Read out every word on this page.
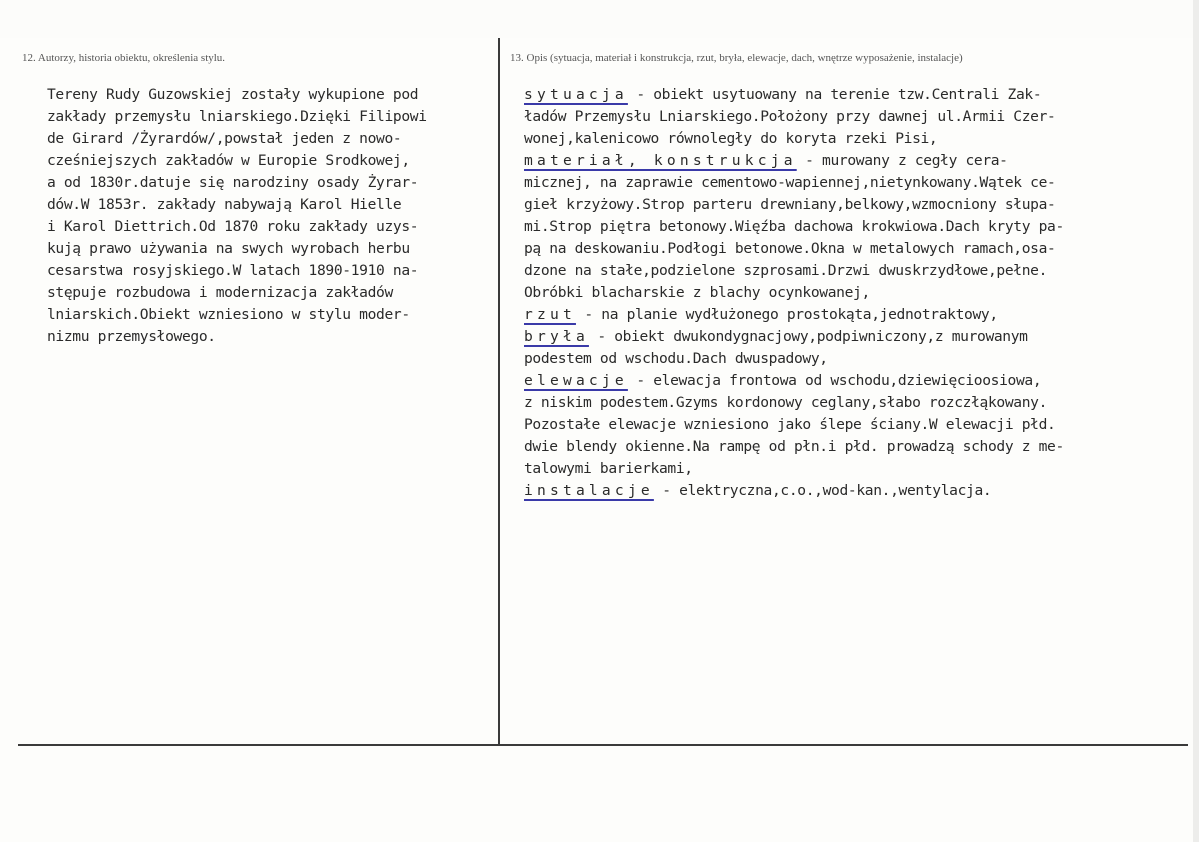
12. Autorzy, historia obiektu, określenia stylu.	13. Opis (sytuacja, materiał i konstrukcja, rzut, bryła, elewacje, dach, wnętrze wyposażenie, instalacje)
Tereny Rudy Guzowskiej zostały wykupione pod
zakłady przemysłu lniarskiego.Dzięki Filipowi
de Girard /Żyrardów/,powstał jeden z nowo-
cześniejszych zakładów w Europie Srodkowej,
a od 1830r.datuje się narodziny osady Żyrar-
dów.W 1853r. zakłady nabywają Karol Hielle
i Karol Diettrich.Od 1870 roku zakłady uzys-
kują prawo używania na swych wyrobach herbu
cesarstwa rosyjskiego.W latach 1890-1910 na-
stępuje rozbudowa i modernizacja zakładów
lniarskich.Obiekt wzniesiono w stylu moder-
nizmu przemysłowego.
sytuacja - obiekt usytuowany na terenie tzw.Centrali Zak-
ładów Przemysłu Lniarskiego.Położony przy dawnej ul.Armii Czer-
wonej,kalenicowo równoległy do koryta rzeki Pisi,
materiał, konstrukcja - murowany z cegły cera-
micznej, na zaprawie cementowo-wapiennej,nietynkowany.Wątek ce-
gieł krzyżowy.Strop parteru drewniany,belkowy,wzmocniony słupa-
mi.Strop piętra betonowy.Więźba dachowa krokwiowa.Dach kryty pa-
pą na deskowaniu.Podłogi betonowe.Okna w metalowych ramach,osa-
dzone na stałe,podzielone szprosami.Drzwi dwuskrzydłowe,pełne.
Obróbki blacharskie z blachy ocynkowanej,
rzut - na planie wydłużonego prostokąta,jednotraktowy,
bryła - obiekt dwukondygnacjowy,podpiwniczony,z murowanym
podestem od wschodu.Dach dwuspadowy,
elewacje - elewacja frontowa od wschodu,dziewięcioosiowa,
z niskim podestem.Gzyms kordonowy ceglany,słabo rozczłąkowany.
Pozostałe elewacje wzniesiono jako ślepe ściany.W elewacji płd.
dwie blendy okienne.Na rampę od płn.i płd. prowadzą schody z me-
talowymi barierkami,
instalacje - elektryczna,c.o.,wod-kan.,wentylacja.
